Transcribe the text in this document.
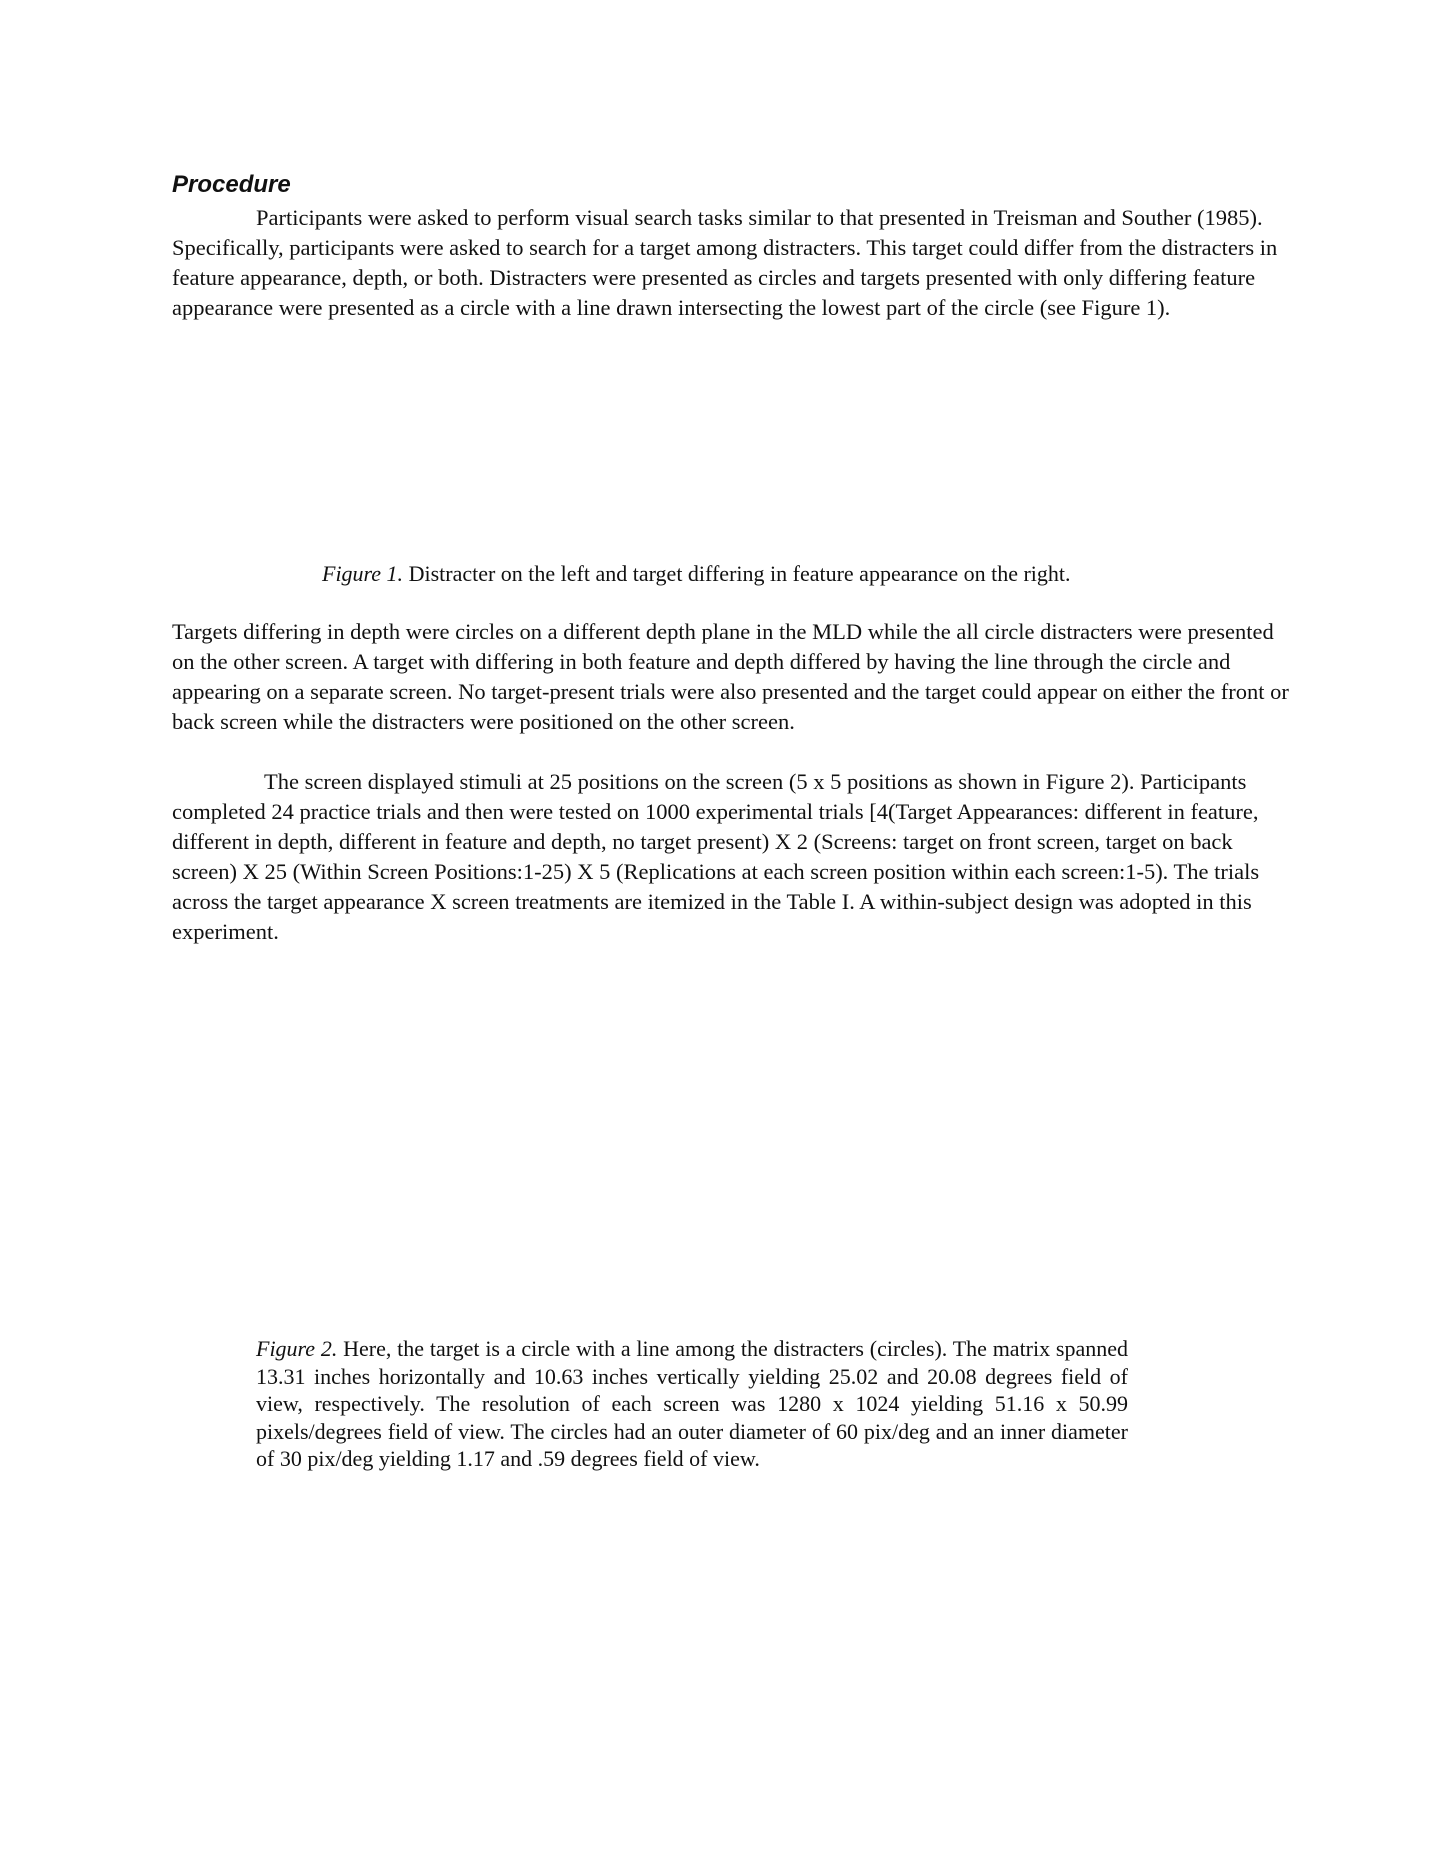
Procedure

Participants were asked to perform visual search tasks similar to that presented in Treisman and Souther (1985). Specifically, participants were asked to search for a target among distracters. This target could differ from the distracters in feature appearance, depth, or both. Distracters were presented as circles and targets presented with only differing feature appearance were presented as a circle with a line drawn intersecting the lowest part of the circle (see Figure 1).

Figure 1. Distracter on the left and target differing in feature appearance on the right.

Targets differing in depth were circles on a different depth plane in the MLD while the all circle distracters were presented on the other screen. A target with differing in both feature and depth differed by having the line through the circle and appearing on a separate screen. No target-present trials were also presented and the target could appear on either the front or back screen while the distracters were positioned on the other screen.

The screen displayed stimuli at 25 positions on the screen (5 x 5 positions as shown in Figure 2). Participants completed 24 practice trials and then were tested on 1000 experimental trials [4(Target Appearances: different in feature, different in depth, different in feature and depth, no target present) X 2 (Screens: target on front screen, target on back screen) X 25 (Within Screen Positions:1-25) X 5 (Replications at each screen position within each screen:1-5). The trials across the target appearance X screen treatments are itemized in the Table I. A within-subject design was adopted in this experiment.

Figure 2. Here, the target is a circle with a line among the distracters (circles). The matrix spanned 13.31 inches horizontally and 10.63 inches vertically yielding 25.02 and 20.08 degrees field of view, respectively. The resolution of each screen was 1280 x 1024 yielding 51.16 x 50.99 pixels/degrees field of view. The circles had an outer diameter of 60 pix/deg and an inner diameter of 30 pix/deg yielding 1.17 and .59 degrees field of view.
